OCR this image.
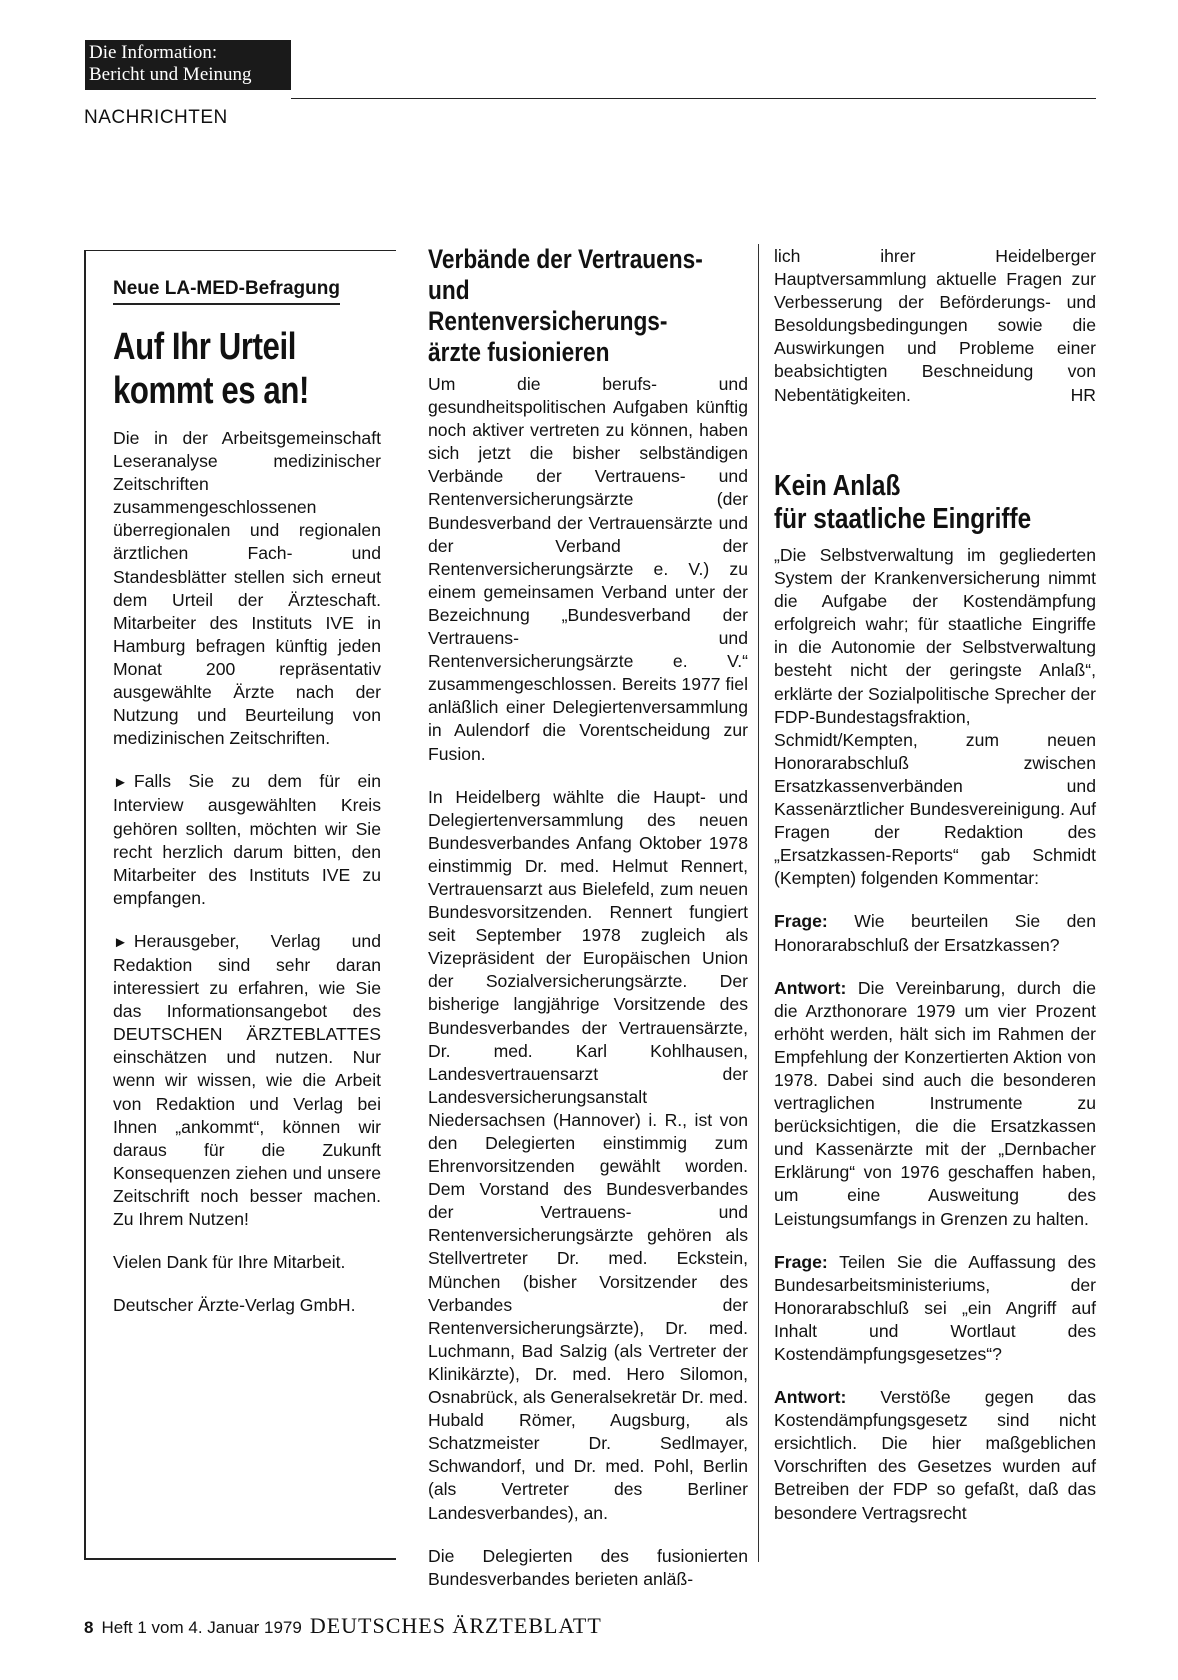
Die Information:
Bericht und Meinung
NACHRICHTEN
Neue LA-MED-Befragung
Auf Ihr Urteil
kommt es an!

Die in der Arbeitsgemeinschaft Leseranalyse medizinischer Zeitschriften zusammengeschlossenen überregionalen und regionalen ärztlichen Fach- und Standesblätter stellen sich erneut dem Urteil der Ärzteschaft. Mitarbeiter des Instituts IVE in Hamburg befragen künftig jeden Monat 200 repräsentativ ausgewählte Ärzte nach der Nutzung und Beurteilung von medizinischen Zeitschriften.

► Falls Sie zu dem für ein Interview ausgewählten Kreis gehören sollten, möchten wir Sie recht herzlich darum bitten, den Mitarbeiter des Instituts IVE zu empfangen.

► Herausgeber, Verlag und Redaktion sind sehr daran interessiert zu erfahren, wie Sie das Informationsangebot des DEUTSCHEN ÄRZTEBLATTES einschätzen und nutzen. Nur wenn wir wissen, wie die Arbeit von Redaktion und Verlag bei Ihnen „ankommt“, können wir daraus für die Zukunft Konsequenzen ziehen und unsere Zeitschrift noch besser machen. Zu Ihrem Nutzen!

Vielen Dank für Ihre Mitarbeit.

Deutscher Ärzte-Verlag GmbH.

Verbände der Vertrauens-
und Rentenversicherungs-
ärzte fusionieren

Um die berufs- und gesundheitspolitischen Aufgaben künftig noch aktiver vertreten zu können, haben sich jetzt die bisher selbständigen Verbände der Vertrauens- und Rentenversicherungsärzte (der Bundesverband der Vertrauensärzte und der Verband der Rentenversicherungsärzte e. V.) zu einem gemeinsamen Verband unter der Bezeichnung „Bundesverband der Vertrauens- und Rentenversicherungsärzte e. V.“ zusammengeschlossen. Bereits 1977 fiel anläßlich einer Delegiertenversammlung in Aulendorf die Vorentscheidung zur Fusion.

In Heidelberg wählte die Haupt- und Delegiertenversammlung des neuen Bundesverbandes Anfang Oktober 1978 einstimmig Dr. med. Helmut Rennert, Vertrauensarzt aus Bielefeld, zum neuen Bundesvorsitzenden. Rennert fungiert seit September 1978 zugleich als Vizepräsident der Europäischen Union der Sozialversicherungsärzte. Der bisherige langjährige Vorsitzende des Bundesverbandes der Vertrauensärzte, Dr. med. Karl Kohlhausen, Landesvertrauensarzt der Landesversicherungsanstalt Niedersachsen (Hannover) i. R., ist von den Delegierten einstimmig zum Ehrenvorsitzenden gewählt worden. Dem Vorstand des Bundesverbandes der Vertrauens- und Rentenversicherungsärzte gehören als Stellvertreter Dr. med. Eckstein, München (bisher Vorsitzender des Verbandes der Rentenversicherungsärzte), Dr. med. Luchmann, Bad Salzig (als Vertreter der Klinikärzte), Dr. med. Hero Silomon, Osnabrück, als Generalsekretär Dr. med. Hubald Römer, Augsburg, als Schatzmeister Dr. Sedlmayer, Schwandorf, und Dr. med. Pohl, Berlin (als Vertreter des Berliner Landesverbandes), an.

Die Delegierten des fusionierten Bundesverbandes berieten anläß-

lich ihrer Heidelberger Hauptversammlung aktuelle Fragen zur Verbesserung der Beförderungs- und Besoldungsbedingungen sowie die Auswirkungen und Probleme einer beabsichtigten Beschneidung von Nebentätigkeiten.	HR

Kein Anlaß
für staatliche Eingriffe

„Die Selbstverwaltung im gegliederten System der Krankenversicherung nimmt die Aufgabe der Kostendämpfung erfolgreich wahr; für staatliche Eingriffe in die Autonomie der Selbstverwaltung besteht nicht der geringste Anlaß“, erklärte der Sozialpolitische Sprecher der FDP-Bundestagsfraktion, Schmidt/Kempten, zum neuen Honorarabschluß zwischen Ersatzkassenverbänden und Kassenärztlicher Bundesvereinigung. Auf Fragen der Redaktion des „Ersatzkassen-Reports“ gab Schmidt (Kempten) folgenden Kommentar:

Frage: Wie beurteilen Sie den Honorarabschluß der Ersatzkassen?

Antwort: Die Vereinbarung, durch die die Arzthonorare 1979 um vier Prozent erhöht werden, hält sich im Rahmen der Empfehlung der Konzertierten Aktion von 1978. Dabei sind auch die besonderen vertraglichen Instrumente zu berücksichtigen, die die Ersatzkassen und Kassenärzte mit der „Dernbacher Erklärung“ von 1976 geschaffen haben, um eine Ausweitung des Leistungsumfangs in Grenzen zu halten.

Frage: Teilen Sie die Auffassung des Bundesarbeitsministeriums, der Honorarabschluß sei „ein Angriff auf Inhalt und Wortlaut des Kostendämpfungsgesetzes“?

Antwort: Verstöße gegen das Kostendämpfungsgesetz sind nicht ersichtlich. Die hier maßgeblichen Vorschriften des Gesetzes wurden auf Betreiben der FDP so gefaßt, daß das besondere Vertragsrecht

8 Heft 1 vom 4. Januar 1979 DEUTSCHES ÄRZTEBLATT
